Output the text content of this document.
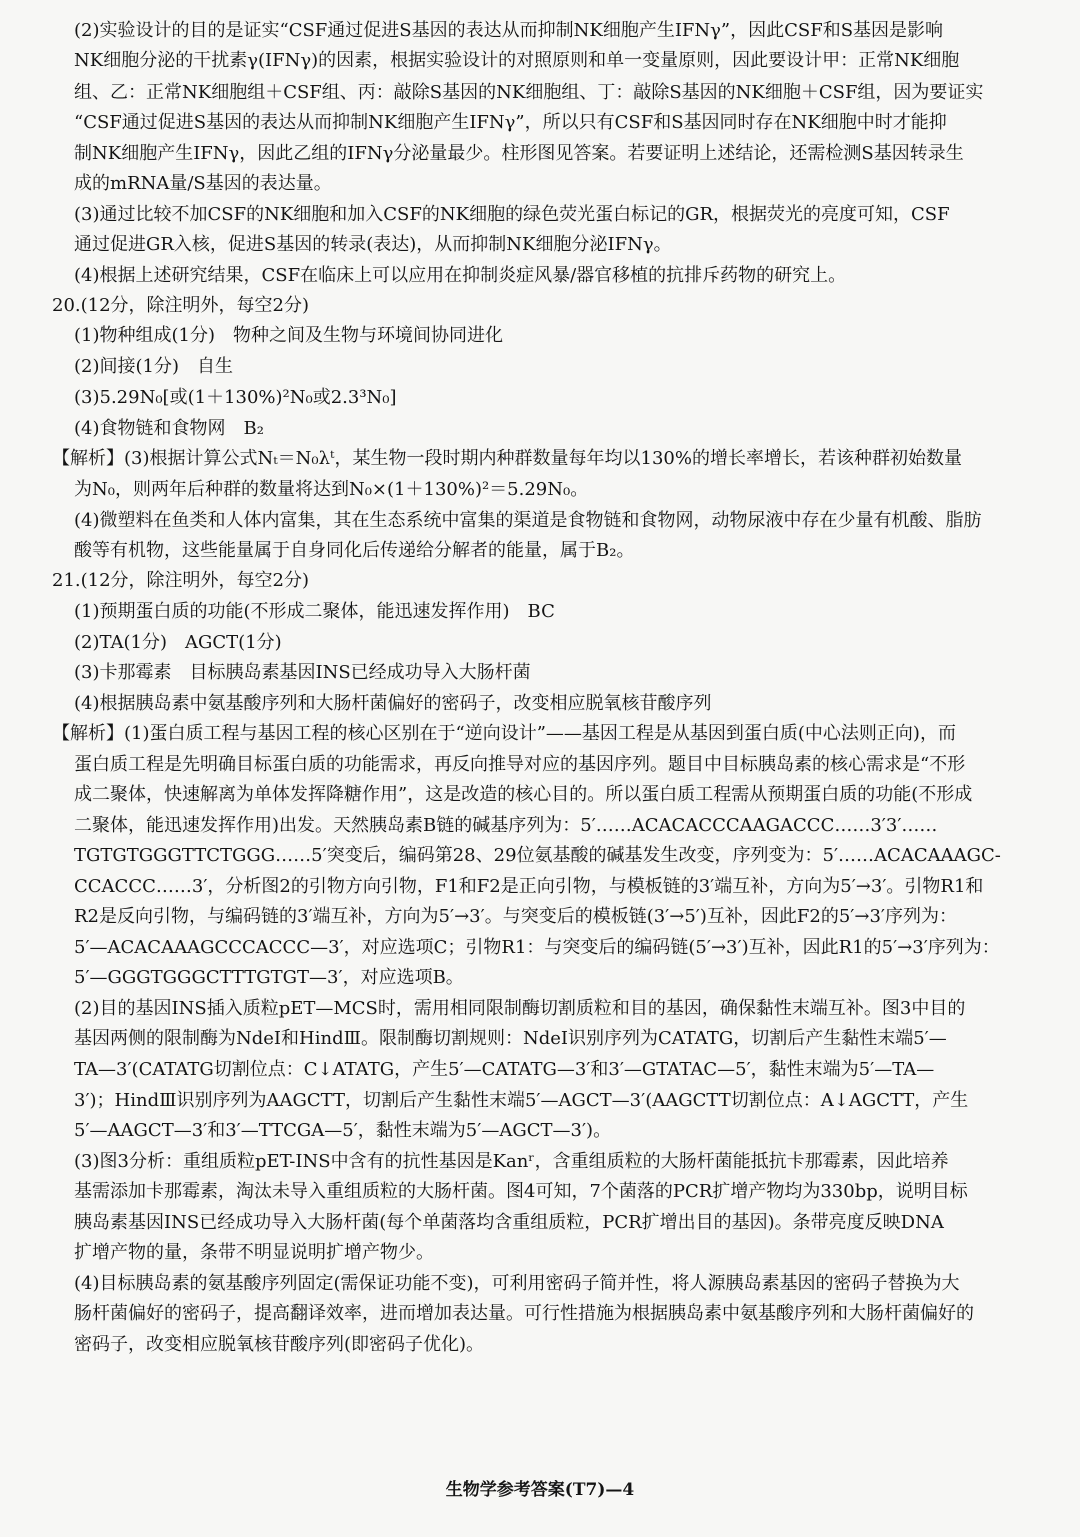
(2)实验设计的目的是证实“CSF通过促进S基因的表达从而抑制NK细胞产生IFNγ”，因此CSF和S基因是影响
NK细胞分泌的干扰素γ(IFNγ)的因素，根据实验设计的对照原则和单一变量原则，因此要设计甲：正常NK细胞
组、乙：正常NK细胞组＋CSF组、丙：敲除S基因的NK细胞组、丁：敲除S基因的NK细胞＋CSF组，因为要证实
“CSF通过促进S基因的表达从而抑制NK细胞产生IFNγ”，所以只有CSF和S基因同时存在NK细胞中时才能抑
制NK细胞产生IFNγ，因此乙组的IFNγ分泌量最少。柱形图见答案。若要证明上述结论，还需检测S基因转录生
成的mRNA量/S基因的表达量。
(3)通过比较不加CSF的NK细胞和加入CSF的NK细胞的绿色荧光蛋白标记的GR，根据荧光的亮度可知，CSF
通过促进GR入核，促进S基因的转录(表达)，从而抑制NK细胞分泌IFNγ。
(4)根据上述研究结果，CSF在临床上可以应用在抑制炎症风暴/器官移植的抗排斥药物的研究上。
20.(12分，除注明外，每空2分)
(1)物种组成(1分)　物种之间及生物与环境间协同进化
(2)间接(1分)　自生
(3)5.29N₀[或(1＋130%)²N₀或2.3³N₀]
(4)食物链和食物网　B₂
【解析】(3)根据计算公式Nₜ＝N₀λᵗ，某生物一段时期内种群数量每年均以130%的增长率增长，若该种群初始数量
为N₀，则两年后种群的数量将达到N₀×(1＋130%)²＝5.29N₀。
(4)微塑料在鱼类和人体内富集，其在生态系统中富集的渠道是食物链和食物网，动物尿液中存在少量有机酸、脂肪
酸等有机物，这些能量属于自身同化后传递给分解者的能量，属于B₂。
21.(12分，除注明外，每空2分)
(1)预期蛋白质的功能(不形成二聚体，能迅速发挥作用)　BC
(2)TA(1分)　AGCT(1分)
(3)卡那霉素　目标胰岛素基因INS已经成功导入大肠杆菌
(4)根据胰岛素中氨基酸序列和大肠杆菌偏好的密码子，改变相应脱氧核苷酸序列
【解析】(1)蛋白质工程与基因工程的核心区别在于“逆向设计”——基因工程是从基因到蛋白质(中心法则正向)，而
蛋白质工程是先明确目标蛋白质的功能需求，再反向推导对应的基因序列。题目中目标胰岛素的核心需求是“不形
成二聚体，快速解离为单体发挥降糖作用”，这是改造的核心目的。所以蛋白质工程需从预期蛋白质的功能(不形成
二聚体，能迅速发挥作用)出发。天然胰岛素B链的碱基序列为：5′……ACACACCCAAGACCC……3′3′……
TGTGTGGGTTCTGGG……5′突变后，编码第28、29位氨基酸的碱基发生改变，序列变为：5′……ACACAAAGC-
CCACCC……3′，分析图2的引物方向引物，F1和F2是正向引物，与模板链的3′端互补，方向为5′→3′。引物R1和
R2是反向引物，与编码链的3′端互补，方向为5′→3′。与突变后的模板链(3′→5′)互补，因此F2的5′→3′序列为：
5′—ACACAAAGCCCACCC—3′，对应选项C；引物R1：与突变后的编码链(5′→3′)互补，因此R1的5′→3′序列为：
5′—GGGTGGGCTTTGTGT—3′，对应选项B。
(2)目的基因INS插入质粒pET—MCS时，需用相同限制酶切割质粒和目的基因，确保黏性末端互补。图3中目的
基因两侧的限制酶为NdeⅠ和HindⅢ。限制酶切割规则：NdeⅠ识别序列为CATATG，切割后产生黏性末端5′—
TA—3′(CATATG切割位点：C↓ATATG，产生5′—CATATG—3′和3′—GTATAC—5′，黏性末端为5′—TA—
3′)；HindⅢ识别序列为AAGCTT，切割后产生黏性末端5′—AGCT—3′(AAGCTT切割位点：A↓AGCTT，产生
5′—AAGCT—3′和3′—TTCGA—5′，黏性末端为5′—AGCT—3′)。
(3)图3分析：重组质粒pET-INS中含有的抗性基因是Kanʳ，含重组质粒的大肠杆菌能抵抗卡那霉素，因此培养
基需添加卡那霉素，淘汰未导入重组质粒的大肠杆菌。图4可知，7个菌落的PCR扩增产物均为330bp，说明目标
胰岛素基因INS已经成功导入大肠杆菌(每个单菌落均含重组质粒，PCR扩增出目的基因)。条带亮度反映DNA
扩增产物的量，条带不明显说明扩增产物少。
(4)目标胰岛素的氨基酸序列固定(需保证功能不变)，可利用密码子简并性，将人源胰岛素基因的密码子替换为大
肠杆菌偏好的密码子，提高翻译效率，进而增加表达量。可行性措施为根据胰岛素中氨基酸序列和大肠杆菌偏好的
密码子，改变相应脱氧核苷酸序列(即密码子优化)。
生物学参考答案(T7)—4
